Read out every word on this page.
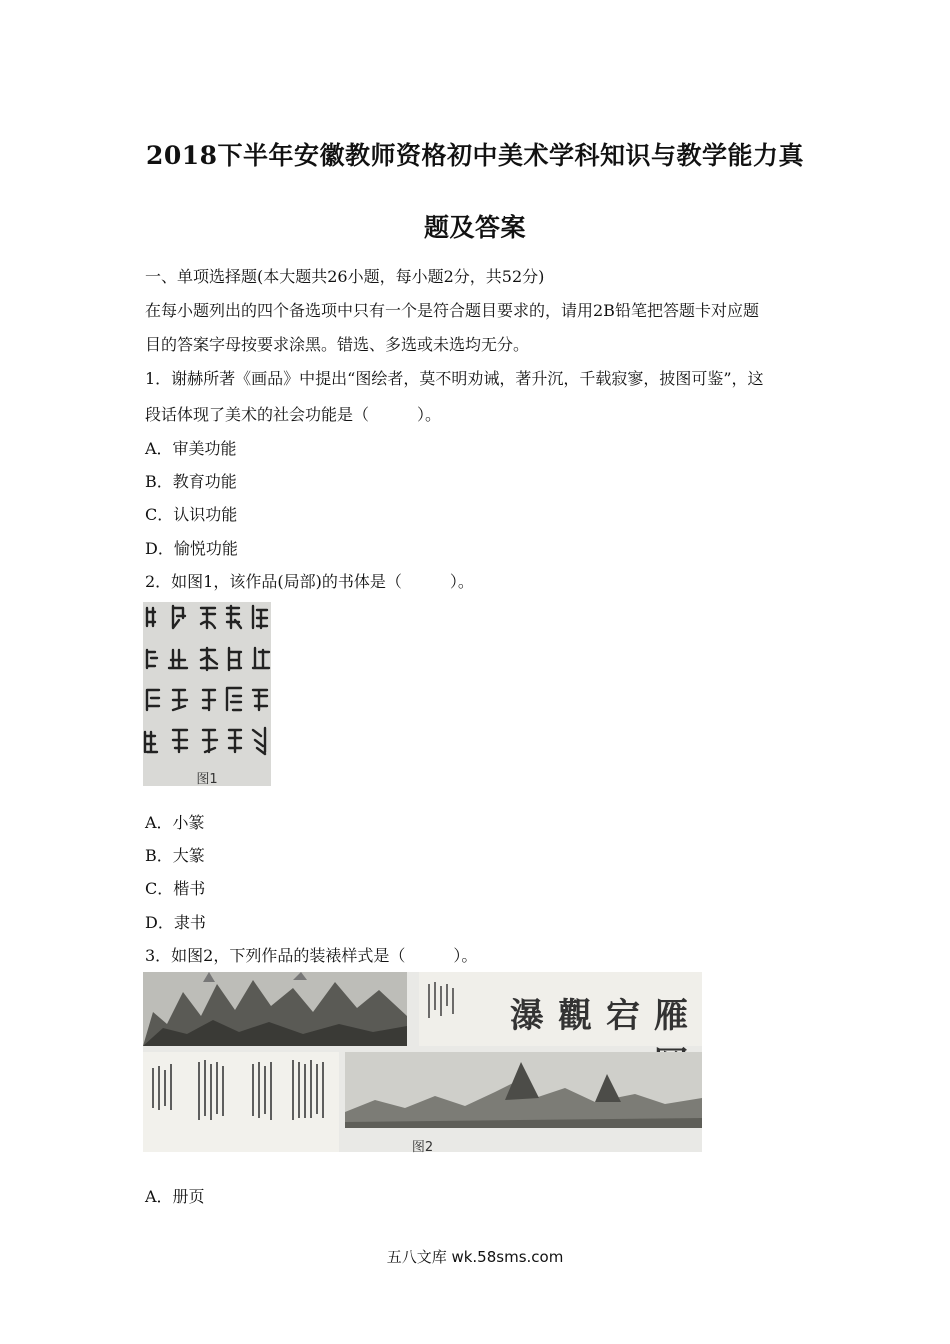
2018下半年安徽教师资格初中美术学科知识与教学能力真
题及答案
一、单项选择题(本大题共26小题，每小题2分，共52分)
在每小题列出的四个备选项中只有一个是符合题目要求的，请用2B铅笔把答题卡对应题
目的答案字母按要求涂黑。错选、多选或未选均无分。
1．谢赫所著《画品》中提出“图绘者，莫不明劝诫，著升沉，千载寂寥，披图可鉴”，这
段话体现了美术的社会功能是（　　　）。
A．审美功能
B．教育功能
C．认识功能
D．愉悦功能
2．如图1，该作品(局部)的书体是（　　　）。
图1
A．小篆
B．大篆
C．楷书
D．隶书
3．如图2，下列作品的装裱样式是（　　　）。
雁宕觀瀑
图2
A．册页
五八文库 wk.58sms.com
